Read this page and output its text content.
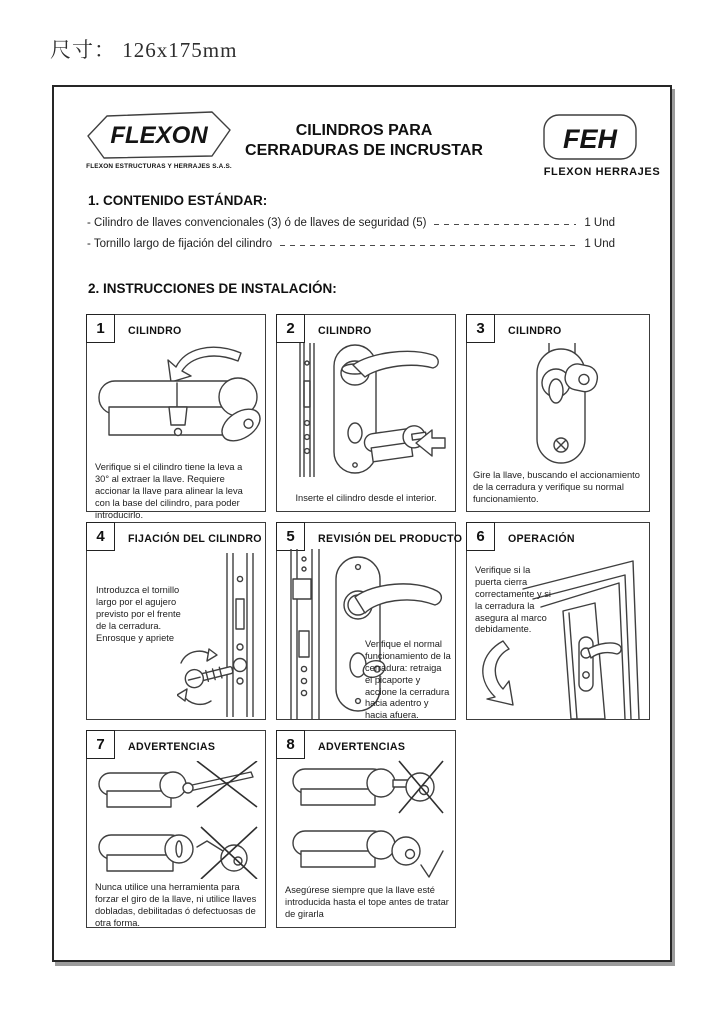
尺寸： 126x175mm
FLEXON
FLEXON ESTRUCTURAS Y HERRAJES S.A.S.
CILINDROS PARA
CERRADURAS DE INCRUSTAR	FEH
FLEXON HERRAJES
1. CONTENIDO ESTÁNDAR:
- Cilindro de llaves convencionales (3) ó de llaves de seguridad (5)	1 Und
- Tornillo largo de fijación del cilindro	1 Und
2. INSTRUCCIONES DE INSTALACIÓN:
1	CILINDRO
Verifique si el cilindro tiene la leva a 30° al extraer la llave. Requiere accionar la llave para alinear la leva con la base del cilindro, para poder introducirlo.
2	CILINDRO
Inserte el cilindro desde el interior.
3	CILINDRO
Gire la llave, buscando el accionamiento de la cerradura y verifique su normal funcionamiento.
4	FIJACIÓN DEL CILINDRO
Introduzca el tornillo largo por el agujero previsto por el frente de la cerradura. Enrosque y apriete
5	REVISIÓN DEL PRODUCTO
Verifique el normal funcionamiento de la cerradura: retraiga el picaporte y accione la cerradura hacia adentro y hacia afuera.
6	OPERACIÓN
Verifique si la puerta cierra correctamente y si la cerradura la asegura al marco debidamente.
7	ADVERTENCIAS
Nunca utilice una herramienta para forzar el giro de la llave, ni utilice llaves dobladas, debilitadas ó defectuosas de otra forma.
8	ADVERTENCIAS
Asegúrese siempre que la llave esté introducida hasta el tope antes de tratar de girarla
